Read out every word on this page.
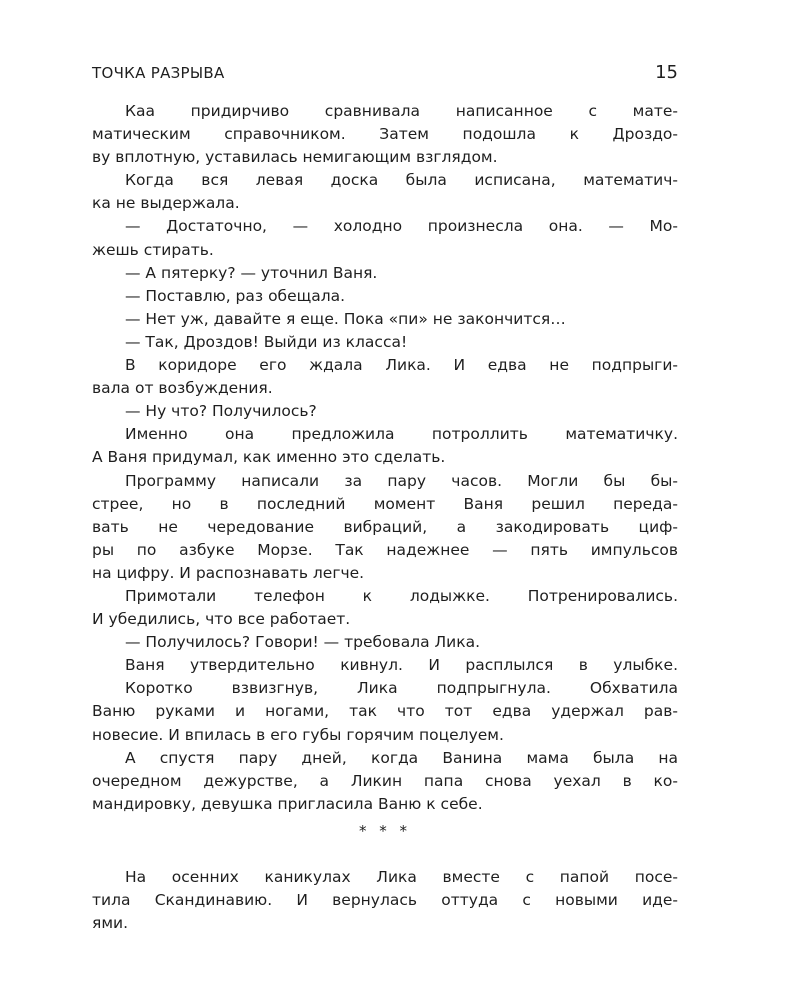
ТОЧКА РАЗРЫВА	15
Каа придирчиво сравнивала написанное с мате-
матическим справочником. Затем подошла к Дроздо-
ву вплотную, уставилась немигающим взглядом.
Когда вся левая доска была исписана, математич-
ка не выдержала.
— Достаточно, — холодно произнесла она. — Мо-
жешь стирать.
— А пятерку? — уточнил Ваня.
— Поставлю, раз обещала.
— Нет уж, давайте я еще. Пока «пи» не закончится…
— Так, Дроздов! Выйди из класса!
В коридоре его ждала Лика. И едва не подпрыги-
вала от возбуждения.
— Ну что? Получилось?
Именно она предложила потроллить математичку.
А Ваня придумал, как именно это сделать.
Программу написали за пару часов. Могли бы бы-
стрее, но в последний момент Ваня решил переда-
вать не чередование вибраций, а закодировать циф-
ры по азбуке Морзе. Так надежнее — пять импульсов
на цифру. И распознавать легче.
Примотали телефон к лодыжке. Потренировались.
И убедились, что все работает.
— Получилось? Говори! — требовала Лика.
Ваня утвердительно кивнул. И расплылся в улыбке.
Коротко взвизгнув, Лика подпрыгнула. Обхватила
Ваню руками и ногами, так что тот едва удержал рав-
новесие. И впилась в его губы горячим поцелуем.
А спустя пару дней, когда Ванина мама была на
очередном дежурстве, а Ликин папа снова уехал в ко-
мандировку, девушка пригласила Ваню к себе.
* * *
На осенних каникулах Лика вместе с папой посе-
тила Скандинавию. И вернулась оттуда с новыми иде-
ями.
